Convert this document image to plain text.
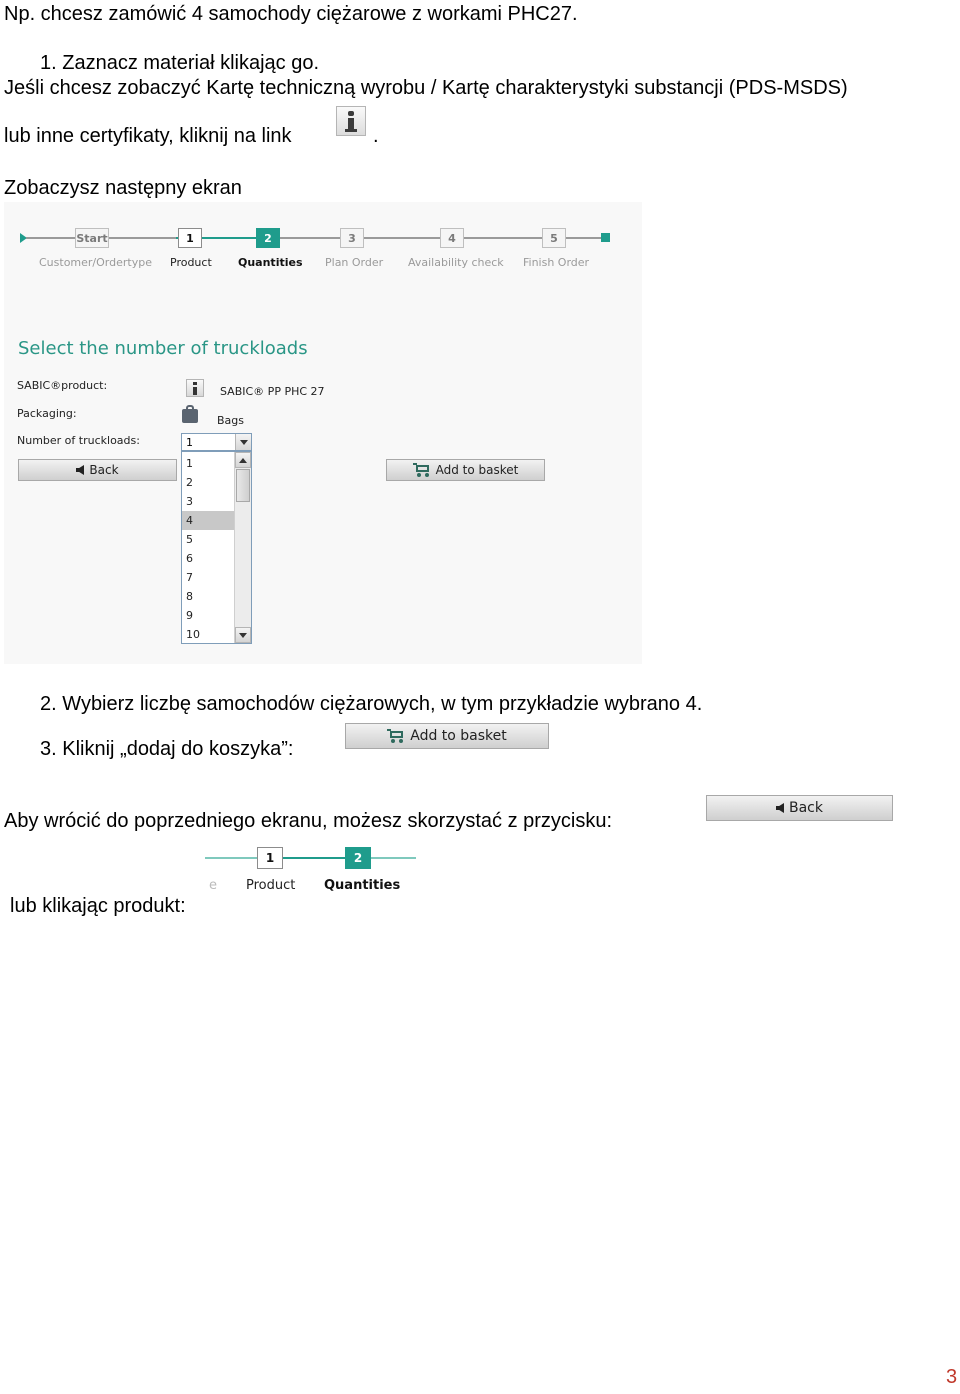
Np. chcesz zamówić 4 samochody ciężarowe z workami PHC27.
1. Zaznacz materiał klikając go.
Jeśli chcesz zobaczyć Kartę techniczną wyrobu / Kartę charakterystyki substancji (PDS-MSDS)
lub inne certyfikaty, kliknij na link	.
Zobaczysz następny ekran
Start
Customer/Ordertype
1
Product
2
Quantities
3
Plan Order
4
Availability check
5
Finish Order
Select the number of truckloads
SABIC®product:	SABIC® PP PHC 27
Packaging:
Bags
Number of truckloads:	1
1
2
3
4
5
6
7
8
9
10
Back	Add to basket
2. Wybierz liczbę samochodów ciężarowych, w tym przykładzie wybrano 4.
3. Kliknij „dodaj do koszyka”:
Add to basket
Aby wrócić do poprzedniego ekranu, możesz skorzystać z przycisku:
Back
1
Product
2
Quantities
e
lub klikając produkt:
3
